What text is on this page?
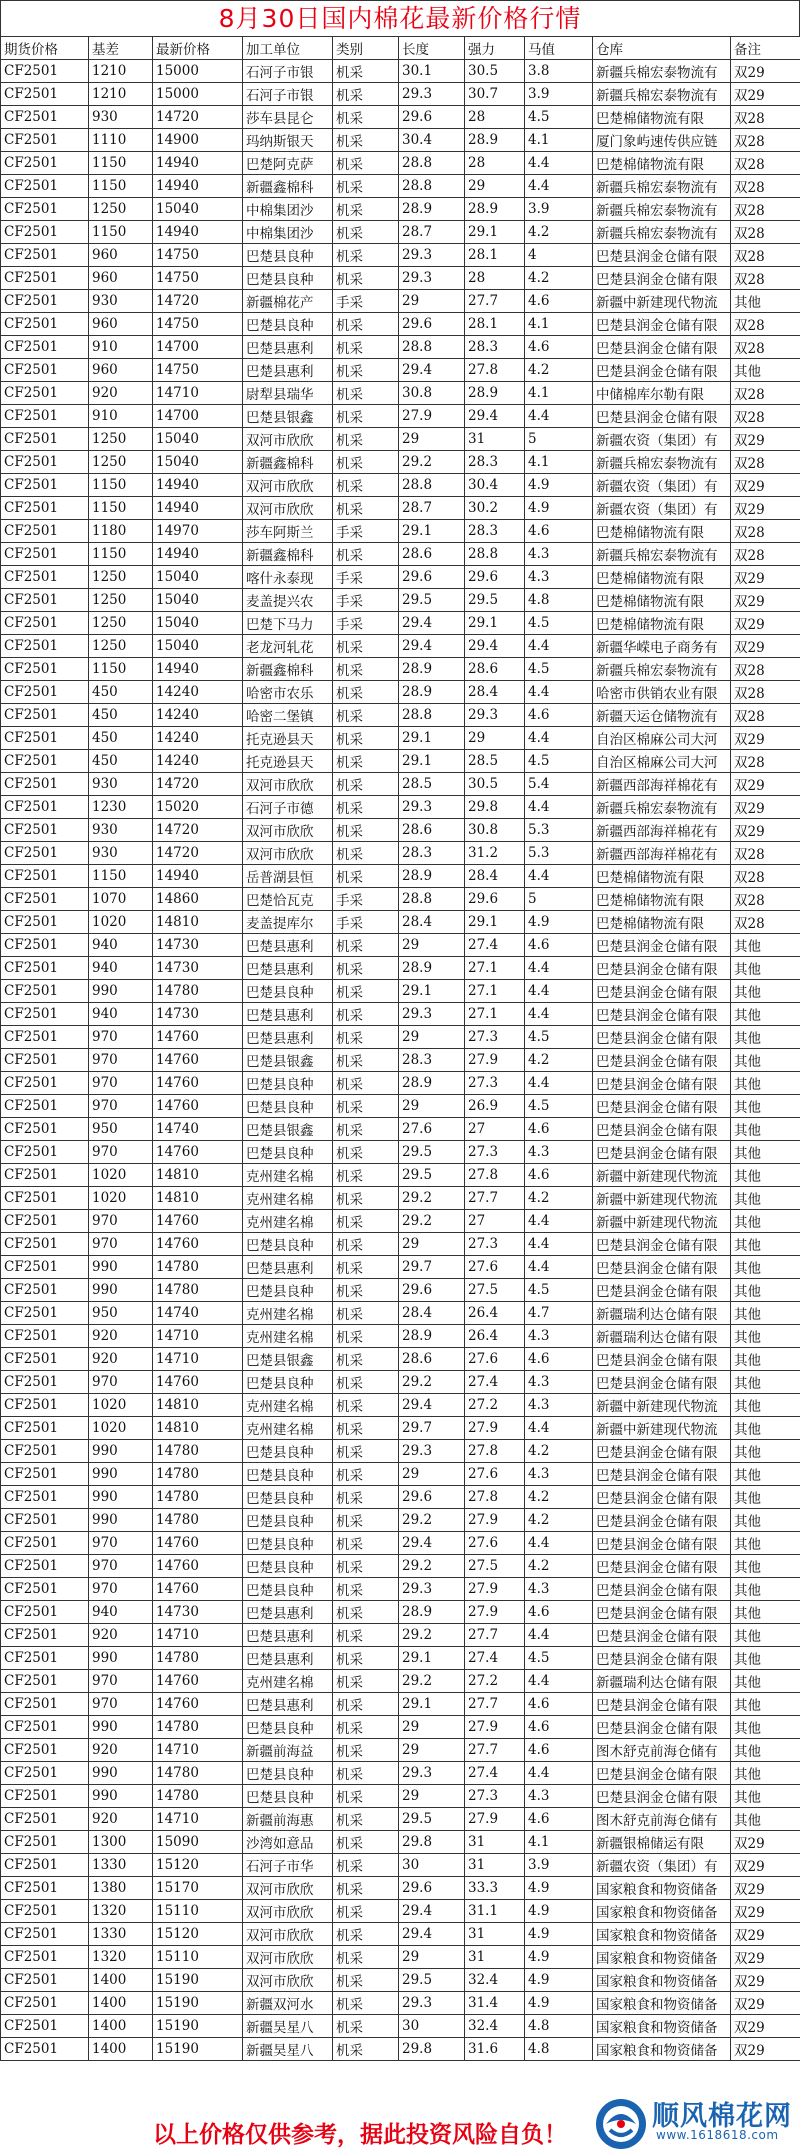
8月30日国内棉花最新价格行情
期货价格	基差	最新价格	加工单位	类别	长度	强力	马值	仓库	备注
CF2501	1210	15000	石河子市银	机采	30.1	30.5	3.8	新疆兵棉宏泰物流有	双29
CF2501	1210	15000	石河子市银	机采	29.3	30.7	3.9	新疆兵棉宏泰物流有	双29
CF2501	930	14720	莎车县昆仑	机采	29.6	28	4.5	巴楚棉储物流有限	双28
CF2501	1110	14900	玛纳斯银天	机采	30.4	28.9	4.1	厦门象屿速传供应链	双28
CF2501	1150	14940	巴楚阿克萨	机采	28.8	28	4.4	巴楚棉储物流有限	双28
CF2501	1150	14940	新疆鑫棉科	机采	28.8	29	4.4	新疆兵棉宏泰物流有	双28
CF2501	1250	15040	中棉集团沙	机采	28.9	28.9	3.9	新疆兵棉宏泰物流有	双28
CF2501	1150	14940	中棉集团沙	机采	28.7	29.1	4.2	新疆兵棉宏泰物流有	双28
CF2501	960	14750	巴楚县良种	机采	29.3	28.1	4	巴楚县润金仓储有限	双28
CF2501	960	14750	巴楚县良种	机采	29.3	28	4.2	巴楚县润金仓储有限	双28
CF2501	930	14720	新疆棉花产	手采	29	27.7	4.6	新疆中新建现代物流	其他
CF2501	960	14750	巴楚县良种	机采	29.6	28.1	4.1	巴楚县润金仓储有限	双28
CF2501	910	14700	巴楚县惠利	机采	28.8	28.3	4.6	巴楚县润金仓储有限	双28
CF2501	960	14750	巴楚县惠利	机采	29.4	27.8	4.2	巴楚县润金仓储有限	其他
CF2501	920	14710	尉犁县瑞华	机采	30.8	28.9	4.1	中储棉库尔勒有限	双28
CF2501	910	14700	巴楚县银鑫	机采	27.9	29.4	4.4	巴楚县润金仓储有限	双28
CF2501	1250	15040	双河市欣欣	机采	29	31	5	新疆农资（集团）有	双29
CF2501	1250	15040	新疆鑫棉科	机采	29.2	28.3	4.1	新疆兵棉宏泰物流有	双28
CF2501	1150	14940	双河市欣欣	机采	28.8	30.4	4.9	新疆农资（集团）有	双29
CF2501	1150	14940	双河市欣欣	机采	28.7	30.2	4.9	新疆农资（集团）有	双29
CF2501	1180	14970	莎车阿斯兰	手采	29.1	28.3	4.6	巴楚棉储物流有限	双28
CF2501	1150	14940	新疆鑫棉科	机采	28.6	28.8	4.3	新疆兵棉宏泰物流有	双28
CF2501	1250	15040	喀什永泰现	手采	29.6	29.6	4.3	巴楚棉储物流有限	双29
CF2501	1250	15040	麦盖提兴农	手采	29.5	29.5	4.8	巴楚棉储物流有限	双29
CF2501	1250	15040	巴楚下马力	手采	29.4	29.1	4.5	巴楚棉储物流有限	双29
CF2501	1250	15040	老龙河轧花	机采	29.4	29.4	4.4	新疆华嵘电子商务有	双29
CF2501	1150	14940	新疆鑫棉科	机采	28.9	28.6	4.5	新疆兵棉宏泰物流有	双28
CF2501	450	14240	哈密市农乐	机采	28.9	28.4	4.4	哈密市供销农业有限	双28
CF2501	450	14240	哈密二堡镇	机采	28.8	29.3	4.6	新疆天运仓储物流有	双28
CF2501	450	14240	托克逊县天	机采	29.1	29	4.4	自治区棉麻公司大河	双29
CF2501	450	14240	托克逊县天	机采	29.1	28.5	4.5	自治区棉麻公司大河	双28
CF2501	930	14720	双河市欣欣	机采	28.5	30.5	5.4	新疆西部海祥棉花有	双29
CF2501	1230	15020	石河子市德	机采	29.3	29.8	4.4	新疆兵棉宏泰物流有	双29
CF2501	930	14720	双河市欣欣	机采	28.6	30.8	5.3	新疆西部海祥棉花有	双29
CF2501	930	14720	双河市欣欣	机采	28.3	31.2	5.3	新疆西部海祥棉花有	双28
CF2501	1150	14940	岳普湖县恒	机采	28.9	28.4	4.4	巴楚棉储物流有限	双28
CF2501	1070	14860	巴楚恰瓦克	手采	28.8	29.6	5	巴楚棉储物流有限	双28
CF2501	1020	14810	麦盖提库尔	手采	28.4	29.1	4.9	巴楚棉储物流有限	双28
CF2501	940	14730	巴楚县惠利	机采	29	27.4	4.6	巴楚县润金仓储有限	其他
CF2501	940	14730	巴楚县惠利	机采	28.9	27.1	4.4	巴楚县润金仓储有限	其他
CF2501	990	14780	巴楚县良种	机采	29.1	27.1	4.4	巴楚县润金仓储有限	其他
CF2501	940	14730	巴楚县惠利	机采	29.3	27.1	4.4	巴楚县润金仓储有限	其他
CF2501	970	14760	巴楚县惠利	机采	29	27.3	4.5	巴楚县润金仓储有限	其他
CF2501	970	14760	巴楚县银鑫	机采	28.3	27.9	4.2	巴楚县润金仓储有限	其他
CF2501	970	14760	巴楚县良种	机采	28.9	27.3	4.4	巴楚县润金仓储有限	其他
CF2501	970	14760	巴楚县良种	机采	29	26.9	4.5	巴楚县润金仓储有限	其他
CF2501	950	14740	巴楚县银鑫	机采	27.6	27	4.6	巴楚县润金仓储有限	其他
CF2501	970	14760	巴楚县良种	机采	29.5	27.3	4.3	巴楚县润金仓储有限	其他
CF2501	1020	14810	克州建名棉	机采	29.5	27.8	4.6	新疆中新建现代物流	其他
CF2501	1020	14810	克州建名棉	机采	29.2	27.7	4.2	新疆中新建现代物流	其他
CF2501	970	14760	克州建名棉	机采	29.2	27	4.4	新疆中新建现代物流	其他
CF2501	970	14760	巴楚县良种	机采	29	27.3	4.4	巴楚县润金仓储有限	其他
CF2501	990	14780	巴楚县惠利	机采	29.7	27.6	4.4	巴楚县润金仓储有限	其他
CF2501	990	14780	巴楚县良种	机采	29.6	27.5	4.5	巴楚县润金仓储有限	其他
CF2501	950	14740	克州建名棉	机采	28.4	26.4	4.7	新疆瑞利达仓储有限	其他
CF2501	920	14710	克州建名棉	机采	28.9	26.4	4.3	新疆瑞利达仓储有限	其他
CF2501	920	14710	巴楚县银鑫	机采	28.6	27.6	4.6	巴楚县润金仓储有限	其他
CF2501	970	14760	巴楚县良种	机采	29.2	27.4	4.3	巴楚县润金仓储有限	其他
CF2501	1020	14810	克州建名棉	机采	29.4	27.2	4.3	新疆中新建现代物流	其他
CF2501	1020	14810	克州建名棉	机采	29.7	27.9	4.4	新疆中新建现代物流	其他
CF2501	990	14780	巴楚县良种	机采	29.3	27.8	4.2	巴楚县润金仓储有限	其他
CF2501	990	14780	巴楚县良种	机采	29	27.6	4.3	巴楚县润金仓储有限	其他
CF2501	990	14780	巴楚县良种	机采	29.6	27.8	4.2	巴楚县润金仓储有限	其他
CF2501	990	14780	巴楚县良种	机采	29.2	27.9	4.2	巴楚县润金仓储有限	其他
CF2501	970	14760	巴楚县良种	机采	29.4	27.6	4.4	巴楚县润金仓储有限	其他
CF2501	970	14760	巴楚县良种	机采	29.2	27.5	4.2	巴楚县润金仓储有限	其他
CF2501	970	14760	巴楚县良种	机采	29.3	27.9	4.3	巴楚县润金仓储有限	其他
CF2501	940	14730	巴楚县惠利	机采	28.9	27.9	4.6	巴楚县润金仓储有限	其他
CF2501	920	14710	巴楚县惠利	机采	29.2	27.7	4.4	巴楚县润金仓储有限	其他
CF2501	990	14780	巴楚县惠利	机采	29.1	27.4	4.5	巴楚县润金仓储有限	其他
CF2501	970	14760	克州建名棉	机采	29.2	27.2	4.4	新疆瑞利达仓储有限	其他
CF2501	970	14760	巴楚县惠利	机采	29.1	27.7	4.6	巴楚县润金仓储有限	其他
CF2501	990	14780	巴楚县良种	机采	29	27.9	4.6	巴楚县润金仓储有限	其他
CF2501	920	14710	新疆前海益	机采	29	27.7	4.6	图木舒克前海仓储有	其他
CF2501	990	14780	巴楚县良种	机采	29.3	27.4	4.4	巴楚县润金仓储有限	其他
CF2501	990	14780	巴楚县良种	机采	29	27.3	4.3	巴楚县润金仓储有限	其他
CF2501	920	14710	新疆前海惠	机采	29.5	27.9	4.6	图木舒克前海仓储有	其他
CF2501	1300	15090	沙湾如意品	机采	29.8	31	4.1	新疆银棉储运有限	双29
CF2501	1330	15120	石河子市华	机采	30	31	3.9	新疆农资（集团）有	双29
CF2501	1380	15170	双河市欣欣	机采	29.6	33.3	4.9	国家粮食和物资储备	双29
CF2501	1320	15110	双河市欣欣	机采	29.4	31.1	4.9	国家粮食和物资储备	双29
CF2501	1330	15120	双河市欣欣	机采	29.4	31	4.9	国家粮食和物资储备	双29
CF2501	1320	15110	双河市欣欣	机采	29	31	4.9	国家粮食和物资储备	双29
CF2501	1400	15190	双河市欣欣	机采	29.5	32.4	4.9	国家粮食和物资储备	双29
CF2501	1400	15190	新疆双河水	机采	29.3	31.4	4.9	国家粮食和物资储备	双29
CF2501	1400	15190	新疆昊星八	机采	30	32.4	4.8	国家粮食和物资储备	双29
CF2501	1400	15190	新疆昊星八	机采	29.8	31.6	4.8	国家粮食和物资储备	双29
以上价格仅供参考，据此投资风险自负！
顺风棉花网
www.1618618.com
